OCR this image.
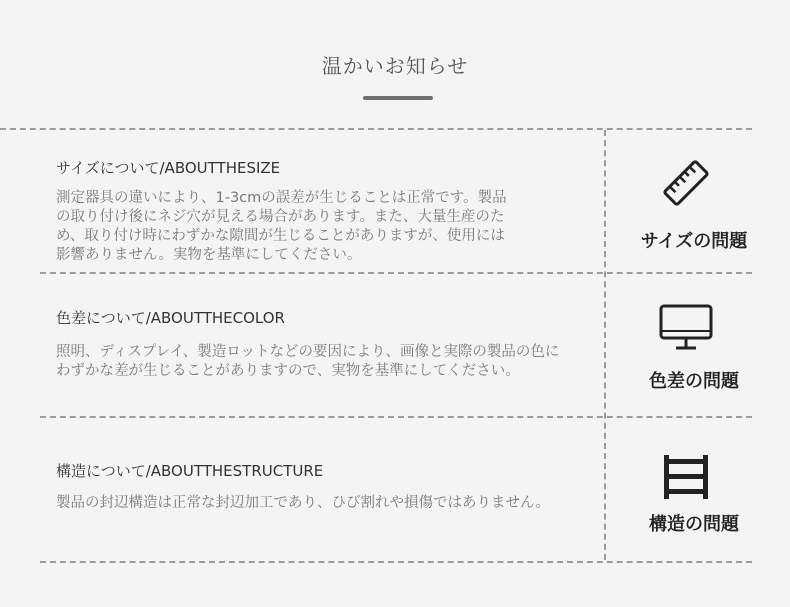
温かいお知らせ
サイズについて/ABOUTTHESIZE
測定器具の違いにより、1-3cmの誤差が生じることは正常です。製品
の取り付け後にネジ穴が見える場合があります。また、大量生産のた
め、取り付け時にわずかな隙間が生じることがありますが、使用には
影響ありません。実物を基準にしてください。
サイズの問題
色差について/ABOUTTHECOLOR
照明、ディスプレイ、製造ロットなどの要因により、画像と実際の製品の色に
わずかな差が生じることがありますので、実物を基準にしてください。	色差の問題
構造について/ABOUTTHESTRUCTURE
製品の封辺構造は正常な封辺加工であり、ひび割れや損傷ではありません。
構造の問題
